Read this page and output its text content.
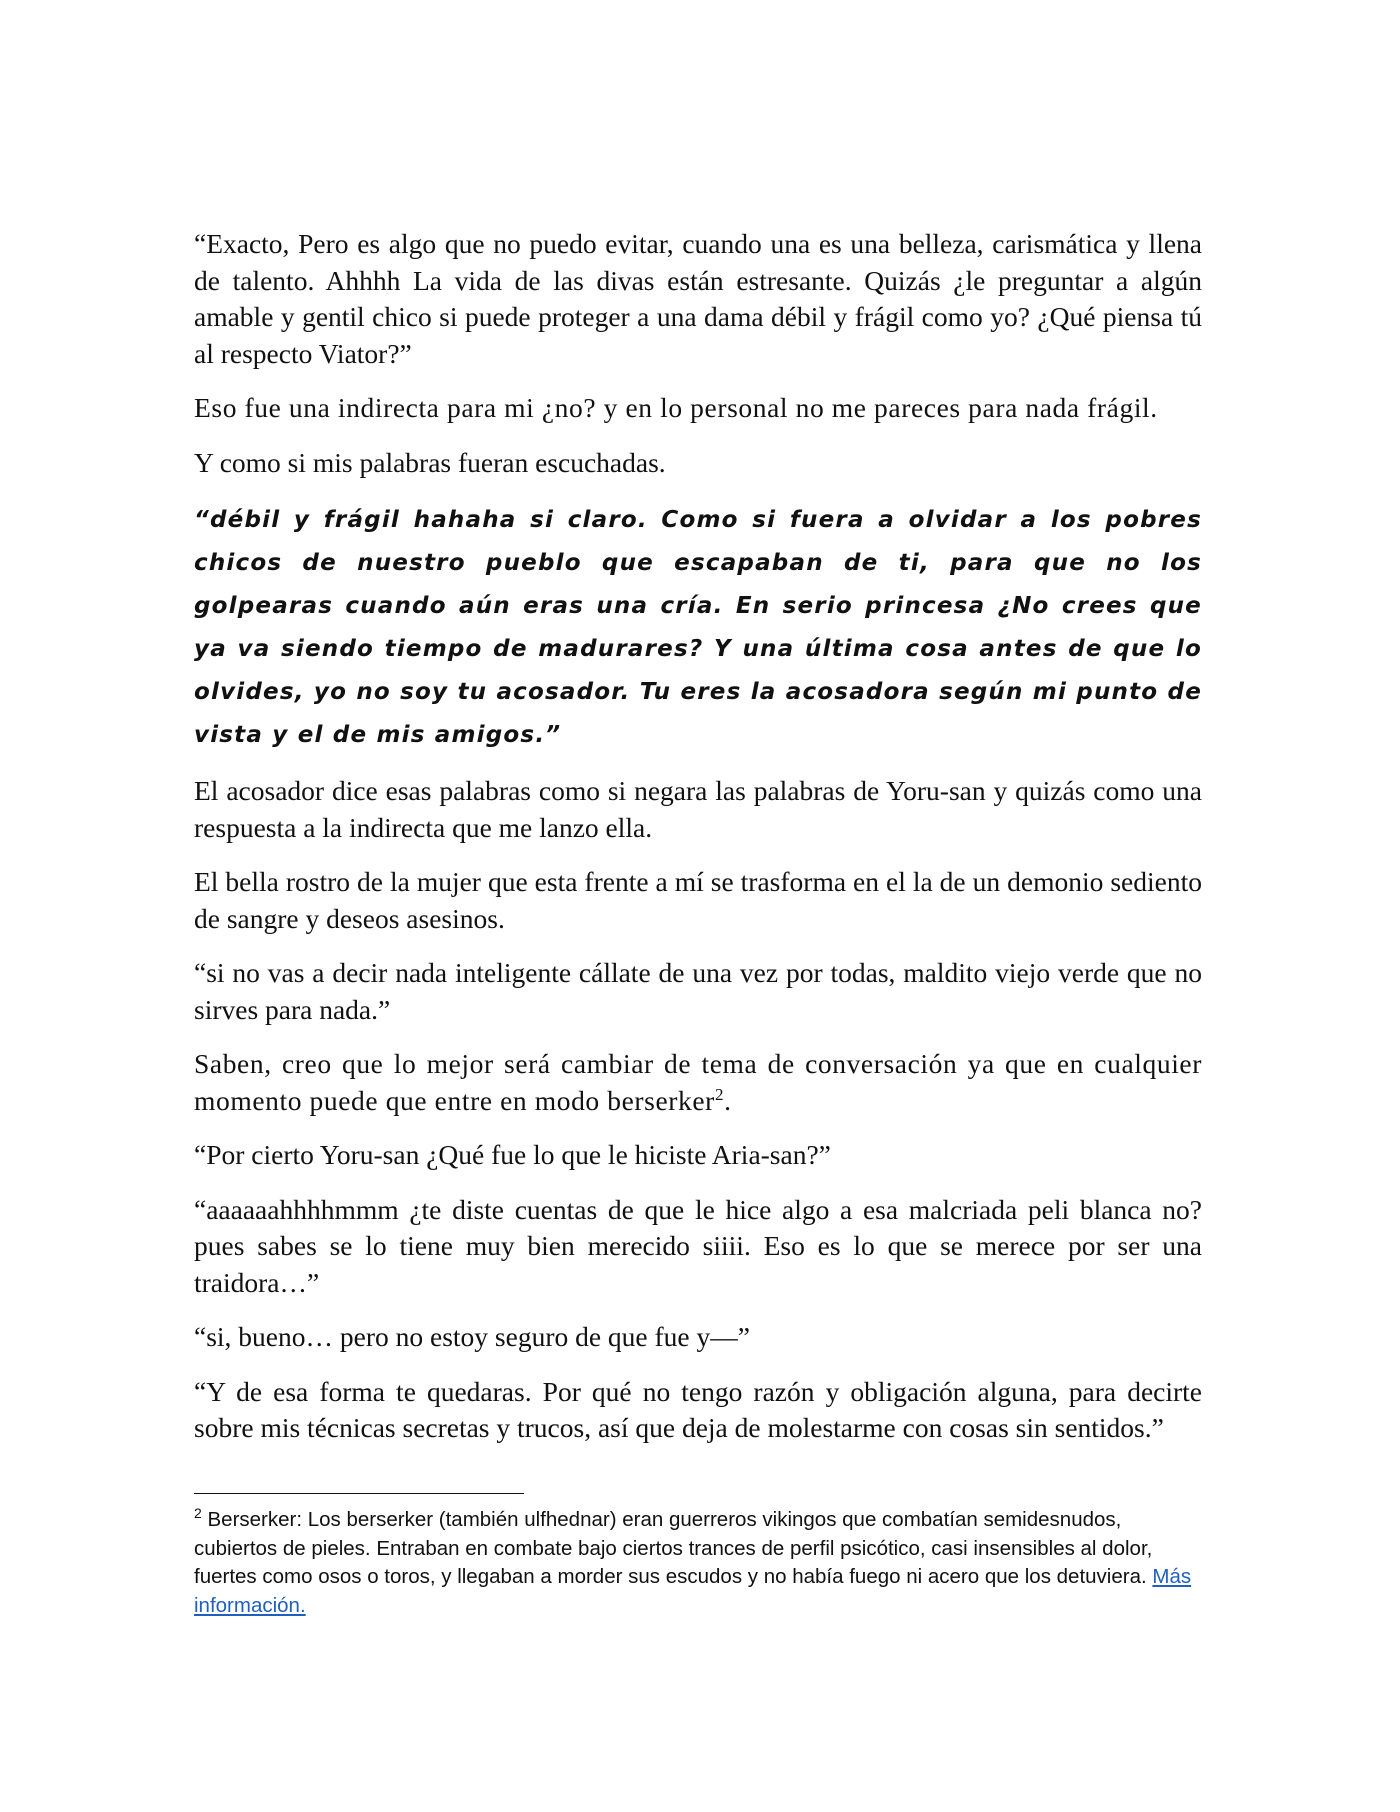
“Exacto, Pero es algo que no puedo evitar, cuando una es una belleza, carismática y llena de talento. Ahhhh La vida de las divas están estresante. Quizás ¿le preguntar a algún amable y gentil chico si puede proteger a una dama débil y frágil como yo? ¿Qué piensa tú al respecto Viator?”

Eso fue una indirecta para mi ¿no? y en lo personal no me pareces para nada frágil.

Y como si mis palabras fueran escuchadas.

“débil y frágil hahaha si claro. Como si fuera a olvidar a los pobres chicos de nuestro pueblo que escapaban de ti, para que no los golpearas cuando aún eras una cría. En serio princesa ¿No crees que ya va siendo tiempo de madurares? Y una última cosa antes de que lo olvides, yo no soy tu acosador. Tu eres la acosadora según mi punto de vista y el de mis amigos.”

El acosador dice esas palabras como si negara las palabras de Yoru-san y quizás como una respuesta a la indirecta que me lanzo ella.

El bella rostro de la mujer que esta frente a mí se trasforma en el la de un demonio sediento de sangre y deseos asesinos.

“si no vas a decir nada inteligente cállate de una vez por todas, maldito viejo verde que no sirves para nada.”

Saben, creo que lo mejor será cambiar de tema de conversación ya que en cualquier momento puede que entre en modo berserker$^2$.

“Por cierto Yoru-san ¿Qué fue lo que le hiciste Aria-san?”

“aaaaaahhhhmmm ¿te diste cuentas de que le hice algo a esa malcriada peli blanca no? pues sabes se lo tiene muy bien merecido siiii. Eso es lo que se merece por ser una traidora…”

“si, bueno… pero no estoy seguro de que fue y—”

“Y de esa forma te quedaras. Por qué no tengo razón y obligación alguna, para decirte sobre mis técnicas secretas y trucos, así que deja de molestarme con cosas sin sentidos.”

$^2$ Berserker: Los berserker (también ulfhednar) eran guerreros vikingos que combatían semidesnudos, cubiertos de pieles. Entraban en combate bajo ciertos trances de perfil psicótico, casi insensibles al dolor, fuertes como osos o toros, y llegaban a morder sus escudos y no había fuego ni acero que los detuviera. Más información.
